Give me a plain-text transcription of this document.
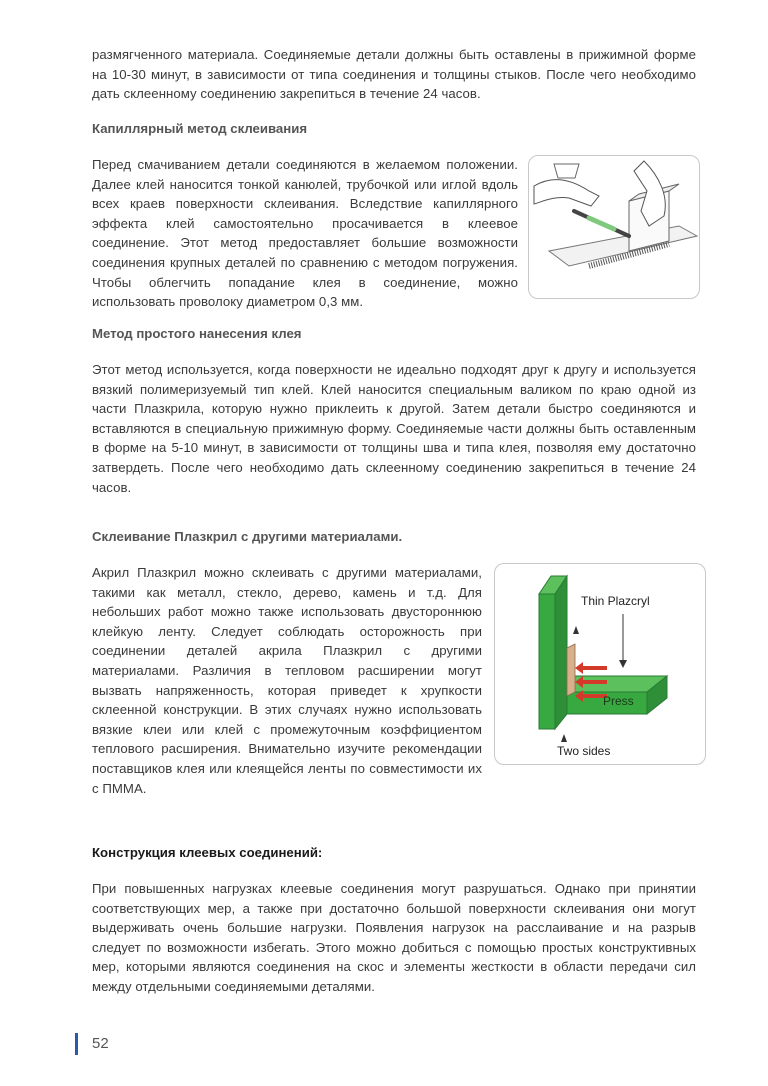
размягченного материала. Соединяемые детали должны быть оставлены в прижимной форме на 10-30 минут, в зависимости от типа соединения и толщины стыков. После чего необходимо дать склеенному соединению закрепиться в течение 24 часов.

Капиллярный метод склеивания

Перед смачиванием детали соединяются в желаемом положении. Далее клей наносится тонкой канюлей, трубочкой или иглой вдоль всех краев поверхности склеивания. Вследствие капиллярного эффекта клей самостоятельно просачивается в клеевое соединение. Этот метод предоставляет большие возможности соединения крупных деталей по сравнению с методом погружения. Чтобы облегчить попадание клея в соединение, можно использовать проволоку диаметром 0,3 мм.

Метод простого нанесения клея

Этот метод используется, когда поверхности не идеально подходят друг к другу и используется вязкий полимеризуемый тип клей. Клей наносится специальным валиком по краю одной из части Плазкрила, которую нужно приклеить к другой. Затем детали быстро соединяются и вставляются в специальную прижимную форму. Соединяемые части должны быть оставленным в форме на 5-10 минут, в зависимости от толщины шва и типа клея, позволяя ему достаточно затвердеть. После чего необходимо дать склеенному соединению закрепиться в течение 24 часов.

Склеивание Плазкрил с другими материалами.

Акрил Плазкрил можно склеивать с другими материалами, такими как металл, стекло, дерево, камень и т.д. Для небольших работ можно также использовать двустороннюю клейкую ленту. Следует соблюдать осторожность при соединении деталей акрила Плазкрил с другими материалами. Различия в тепловом расширении могут вызвать напряженность, которая приведет к хрупкости склеенной конструкции. В этих случаях нужно использовать вязкие клеи или клей с промежуточным коэффициентом теплового расширения. Внимательно изучите рекомендации поставщиков клея или клеящейся ленты по совместимости их с ПММА.

Thin Plazcryl
Press
Two sides
Конструкция клеевых соединений:

При повышенных нагрузках клеевые соединения могут разрушаться. Однако при принятии соответствующих мер, а также при достаточно большой поверхности склеивания они могут выдерживать очень большие нагрузки. Появления нагрузок на расслаивание и на разрыв следует по возможности избегать. Этого можно добиться с помощью простых конструктивных мер, которыми являются соединения на скос и элементы жесткости в области передачи сил между отдельными соединяемыми деталями.

52
